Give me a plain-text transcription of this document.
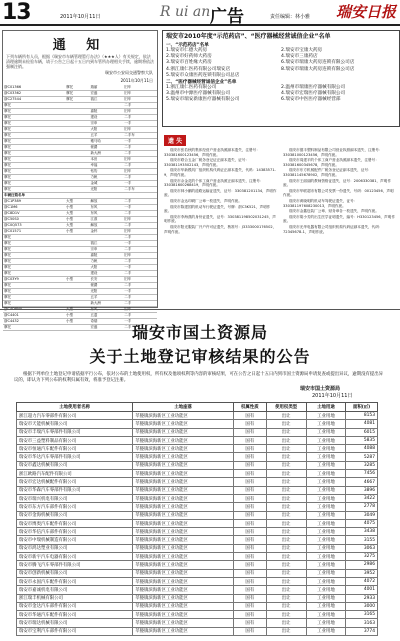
13	2011年10月11日	R ui an 广告	责任编辑：林小雅 瑞安日报
通 知
下列车辆所有人员，根据《瑞安市车辆管理暂行办法》（★★★人）有关规定，依法清理逾期未检验车辆，请于公告之日起十五日内到车管所办理相关手续，逾期将依法强制注销。
瑞安市公安局交通警察大队
2011年10月11日
浙C01366	摩托	瑞丽	旧车
浙C03362	摩托	宏盛	旧车
浙C27544	摩托	钱江	旧车
摩托			二手
摩托		嘉陵	旧车
摩托		建设	二手
摩托		宗申	一手
摩托		大阳	旧车
摩托		五羊	二手车
摩托		雅马哈	一手
摩托		豪爵	二手
摩托		新大洲	二手
摩托		本田	旧车
摩托		幸福	二手
摩托		钻豹	旧车
摩托		力帆	二手
摩托		金城	一手
摩托		光阳	二手车
车辆注销名单			
浙C1P389	大型	解放	二手
浙C1M6	小型	东风	一手
浙C8D1V	大型	东风	二手
浙C50S0	小型	江淮	旧车
浙C0Q573	大型	解放	二手
浙C01571	小型	金杯	旧车
摩托			二手
摩托		钱江	一手
摩托		宗申	二手
摩托		嘉陵	旧车
摩托		力帆	二手
摩托		大阳	一手
摩托		建设	二手
浙C03Y9	小型	长安	旧车
摩托		豪爵	二手
摩托		光阳	一手
摩托		五羊	二手
摩托		新大洲	二手

浙C4401	小型	五菱	二手
浙C4432	小型	奇瑞	一手
摩托		宏盛	二手
瑞安市2010年度“示范药店”、“医疗器械经营诚信企业”名单
一、“示范药店”名单
1.瑞安市仁德大药房
2.瑞安市好药师大药房
3.瑞安市百姓缘大药房
4.浙江康仁医药有限公司瑞安店
5.瑞安市众康医药连锁有限公司总店
2.瑞安市宝康大药房
4.瑞安市三康药店
6.瑞安市瑞康大药房连锁有限公司店
8.瑞安市瑞康大药房连锁有限公司店
二、“医疗器械经营诚信企业”名单
1.浙江康仁医药有限公司
3.温州市中源医疗器械有限公司
5.瑞安市瑞安新康医疗器械有限公司
2.温州市瑞康医疗器械有限公司
4.瑞安市宏瑞医疗器械有限公司
6.瑞安市中医医疗器械经营部
遗 失

瑞安市张若秋的集体经营户营业执照副本遗失，注册号：330381600123456，声明作废。

瑞安市联合五金厂税务登记证正副本遗失，证号：330381193502143，声明作废。

瑞安市华新模具厂组织机构代码证正副本遗失，代码：14383571-9，声明作废。

瑞安市余金花的个体工商户营业执照正副本遗失，注册号：330381600268419，声明作废。

瑞安市林小鹏的道路运输证遗失，证号：330381201134，声明作废。

瑞安市金达印刷厂公章一枚遗失，声明作废。

瑞安市陈建国的机动车行驶证遗失，号牌：浙C3K521，声明作废。

瑞安市李海燕的身份证遗失，证号：330381198502031245，声明作废。

瑞安市阳光服装厂开户许可证遗失，核准号：J3333000176502，声明作废。

瑞安市德丰塑料制品有限公司营业执照副本遗失，注册号：330381000123456，声明作废。

瑞安市周建平的个体工商户营业执照副本遗失，注册号：330381600345678，声明作废。

瑞安市东方机械配件厂税务登记证副本遗失，证号：330381145678902，声明作废。

瑞安市王丽丽的教师资格证遗失，证号：2006330381，声明作废。

瑞安市华联超市有限公司发票一份遗失，号码：00123456，声明作废。

瑞安市黄晓明的机动车驾驶证遗失，证号：330381197608230013，声明作废。

瑞安市金鑫包装厂公章、财务章各一枚遗失，声明作废。

瑞安市胡小芳的出生医学证明遗失，编号：H330123456，声明作废。

瑞安市光华电器有限公司组织机构代码证副本遗失，代码：72345678-1，声明作废。

瑞安市国土资源局
关于土地登记审核结果的公告
根据下列单位土地登记申请依据平行公布，依对公布的土地使用权，所有权及他项权利等内容的审核结果，可在公告之日起十五日内到市国土资源局申请复查或提出异议，逾期没有提出异议的，即认为下列公布的权利归属有效，将准予登记注册。
瑞安市国土资源局
2011年10月11日
土地使用者名称	土地座落	权属性质	使用权类型	土地用途	面积(㎡)
浙江超力汽车零部件有限公司	莘塍镇滨海新区工业功能区	国有	出让	工业用地	8153
瑞安市天能机械有限公司	莘塍镇滨海新区工业功能区	国有	出让	工业用地	4081
瑞安市丰瑞汽车零部件有限公司	莘塍镇滨海新区工业功能区	国有	出让	工业用地	6015
瑞安市三益塑料制品有限公司	莘塍镇滨海新区工业功能区	国有	出让	工业用地	5835
瑞安市恒通汽车配件有限公司	莘塍镇滨海新区工业功能区	国有	出让	工业用地	4088
瑞安市华达汽车零部件有限公司	莘塍镇滨海新区工业功能区	国有	出让	工业用地	5287
瑞安市鑫达机械有限公司	莘塍镇滨海新区工业功能区	国有	出让	工业用地	3285
浙江欧路汽车配件有限公司	莘塍镇滨海新区工业功能区	国有	出让	工业用地	7456
瑞安市宏达机械配件有限公司	莘塍镇滨海新区工业功能区	国有	出让	工业用地	4667
瑞安市华森汽车零部件有限公司	莘塍镇滨海新区工业功能区	国有	出让	工业用地	3896
瑞安市瑞兴机电有限公司	莘塍镇滨海新区工业功能区	国有	出让	工业用地	3422
瑞安市东方汽车部件有限公司	莘塍镇滨海新区工业功能区	国有	出让	工业用地	2778
瑞安市金海机械有限公司	莘塍镇滨海新区工业功能区	国有	出让	工业用地	3049
瑞安市博奥汽车配件有限公司	莘塍镇滨海新区工业功能区	国有	出让	工业用地	4075
瑞安市华信汽车部件有限公司	莘塍镇滨海新区工业功能区	国有	出让	工业用地	3438
瑞安市中瑞机械制造有限公司	莘塍镇滨海新区工业功能区	国有	出让	工业用地	3155
瑞安市鸿达塑业有限公司	莘塍镇滨海新区工业功能区	国有	出让	工业用地	3063
瑞安市新宇汽车电器有限公司	莘塍镇滨海新区工业功能区	国有	出让	工业用地	3275
瑞安市腾飞汽车零部件有限公司	莘塍镇滨海新区工业功能区	国有	出让	工业用地	2986
瑞安市创新机械有限公司	莘塍镇滨海新区工业功能区	国有	出让	工业用地	3952
瑞安市永固汽车配件有限公司	莘塍镇滨海新区工业功能区	国有	出让	工业用地	4072
瑞安市嘉诚机电有限公司	莘塍镇滨海新区工业功能区	国有	出让	工业用地	4001
浙江瑞丰机械有限公司	莘塍镇滨海新区工业功能区	国有	出让	工业用地	2933
瑞安市金达汽车部件有限公司	莘塍镇滨海新区工业功能区	国有	出让	工业用地	3000
瑞安市华通汽车配件有限公司	莘塍镇滨海新区工业功能区	国有	出让	工业用地	3165
瑞安市瑞达机械有限公司	莘塍镇滨海新区工业功能区	国有	出让	工业用地	3163
瑞安市宝利汽车部件有限公司	莘塍镇滨海新区工业功能区	国有	出让	工业用地	3774
